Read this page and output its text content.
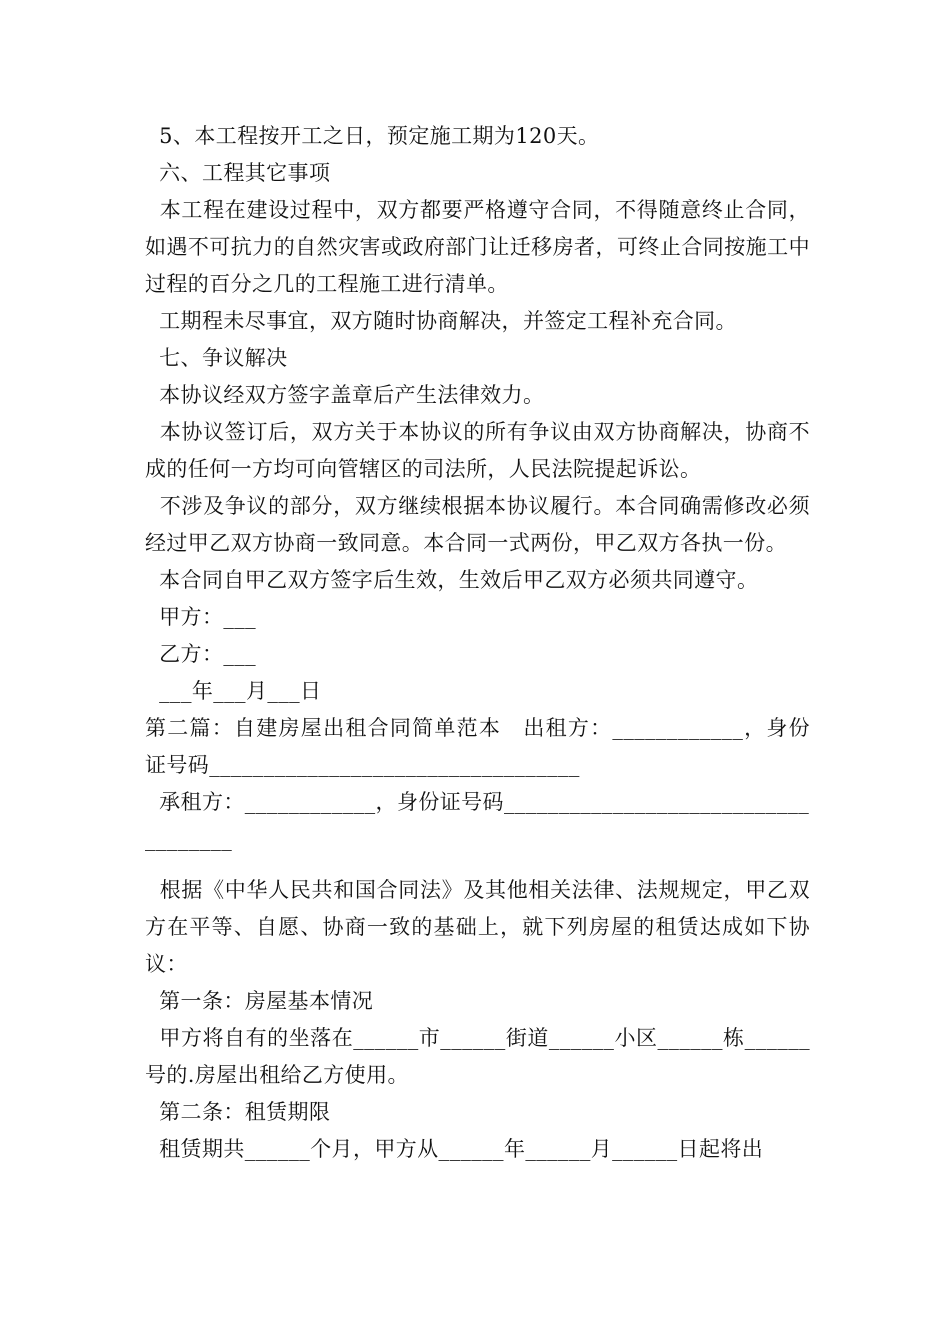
5、本工程按开工之日，预定施工期为120天。

六、工程其它事项

本工程在建设过程中，双方都要严格遵守合同，不得随意终止合同，如遇不可抗力的自然灾害或政府部门让迁移房者，可终止合同按施工中过程的百分之几的工程施工进行清单。

工期程未尽事宜，双方随时协商解决，并签定工程补充合同。

七、争议解决

本协议经双方签字盖章后产生法律效力。

本协议签订后，双方关于本协议的所有争议由双方协商解决，协商不成的任何一方均可向管辖区的司法所，人民法院提起诉讼。

不涉及争议的部分，双方继续根据本协议履行。本合同确需修改必须经过甲乙双方协商一致同意。本合同一式两份，甲乙双方各执一份。

本合同自甲乙双方签字后生效，生效后甲乙双方必须共同遵守。

甲方：___

乙方：___

___年___月___日

第二篇：自建房屋出租合同简单范本　出租方：____________，身份证号码__________________________________

承租方：____________，身份证号码____________________________________

根据《中华人民共和国合同法》及其他相关法律、法规规定，甲乙双方在平等、自愿、协商一致的基础上，就下列房屋的租赁达成如下协议：

第一条：房屋基本情况

甲方将自有的坐落在______市______街道______小区______栋______号的.房屋出租给乙方使用。

第二条：租赁期限

租赁期共______个月，甲方从______年______月______日起将出
